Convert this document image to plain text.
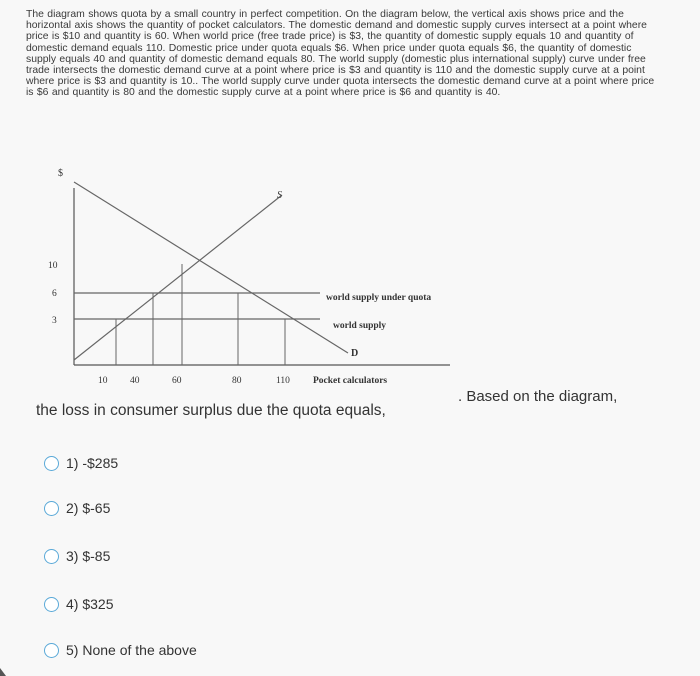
The diagram shows quota by a small country in perfect competition. On the diagram below, the vertical axis shows price and the horizontal axis shows the quantity of pocket calculators. The domestic demand and domestic supply curves intersect at a point where price is $10 and quantity is 60. When world price (free trade price) is $3, the quantity of domestic supply equals 10 and quantity of domestic demand equals 110. Domestic price under quota equals $6. When price under quota equals $6, the quantity of domestic supply equals 40 and quantity of domestic demand equals 80. The world supply (domestic plus international supply) curve under free trade intersects the domestic demand curve at a point where price is $3 and quantity is 110 and the domestic supply curve at a point where price is $3 and quantity is 10.. The world supply curve under quota intersects the domestic demand curve at a point where price is $6 and quantity is 80 and the domestic supply curve at a point where price is $6 and quantity is 40.
$
Pocket calculators
10
6
3
10 40	60	80	110
S
D
world supply under quota
world supply
. Based on the diagram,
the loss in consumer surplus due the quota equals,
1) -$285
2) $-65
3) $-85
4) $325
5) None of the above
